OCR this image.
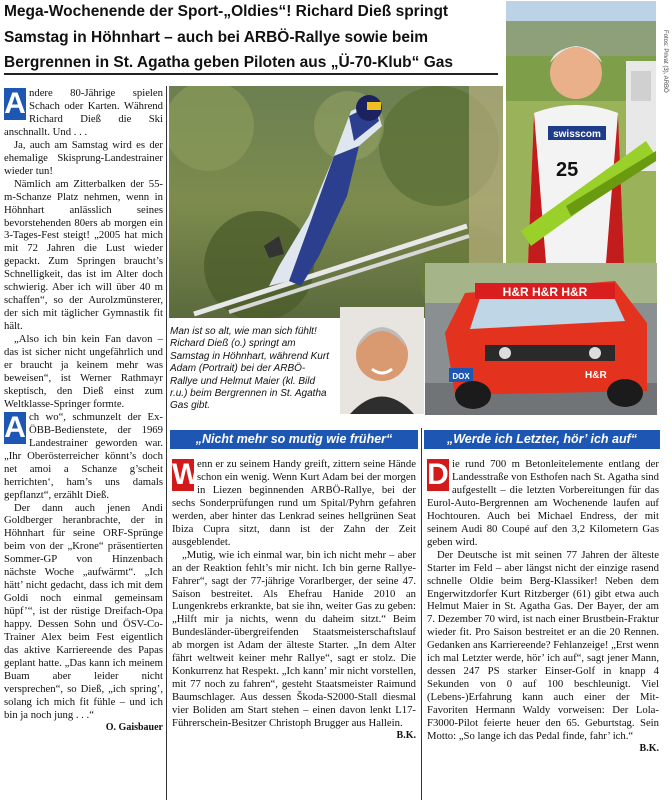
Mega-Wochenende der Sport-„Oldies“! Richard Dieß springt
Samstag in Höhnhart – auch bei ARBÖ-Rallye sowie beim
Bergrennen in St. Agatha geben Piloten aus „Ü-70-Klub“ Gas	Fotos: Privat (3), ARBÖ
swisscom
25
H&R H&R H&R
H&R
DOX
Man ist so alt, wie man sich fühlt! Richard Dieß (o.) springt am Samstag in Höhnhart, während Kurt Adam (Portrait) bei der ARBÖ-Rallye und Helmut Maier (kl. Bild r.u.) beim Bergrennen in St. Agatha Gas gibt.

A ndere 80-Jährige spielen Schach oder Karten. Während Richard Dieß die Ski anschnallt. Und . . .

Ja, auch am Samstag wird es der ehemalige Skisprung-Landestrainer wieder tun!

Nämlich am Zitterbalken der 55-m-Schanze Platz nehmen, wenn in Höhnhart anlässlich seines bevorstehenden 80ers ab morgen ein 3-Tages-Fest steigt! „2005 hat mich mit 72 Jahren die Lust wieder gepackt. Zum Springen braucht’s Schnelligkeit, das ist im Alter doch schwierig. Aber ich will über 40 m schaffen“, so der Aurolzmünsterer, der sich mit täglicher Gymnastik fit hält.

„Also ich bin kein Fan davon – das ist sicher nicht ungefährlich und er braucht ja keinem mehr was beweisen“, ist Werner Rathmayr skeptisch, den Dieß einst zum Weltklasse-Springer formte.

A ch wo“, schmunzelt der Ex-ÖBB-Bedienstete, der 1969 Landestrainer geworden war. „Ihr Oberösterreicher könnt’s doch net amoi a Schanze g’scheit herrichten‘, ham’s uns damals gepflanzt“, erzählt Dieß.

Der dann auch jenen Andi Goldberger heranbrachte, der in Höhnhart für seine ORF-Sprünge beim von der „Krone“ präsentierten Sommer-GP von Hinzenbach nächste Woche „aufwärmt“. „Ich hätt’ nicht gedacht, dass ich mit dem Goldi noch einmal gemeinsam hüpf’“, ist der rüstige Dreifach-Opa happy. Dessen Sohn und ÖSV-Co-Trainer Alex beim Fest eigentlich das aktive Karriereende des Papas geplant hatte. „Das kann ich meinem Buam aber leider nicht versprechen“, so Dieß, „ich spring’, solang ich mich fit fühle – und ich bin ja noch jung . . .“

O. Gaisbauer
„Nicht mehr so mutig wie früher“

W
enn er zu seinem Handy greift, zittern seine Hände schon ein wenig. Wenn Kurt Adam bei der morgen in Liezen beginnenden ARBÖ-Rallye, bei der sechs Sonderprüfungen rund um Spital/Pyhrn gefahren werden, aber hinter das Lenkrad seines hellgrünen Seat Ibiza Cupra sitzt, dann ist der Zahn der Zeit ausgeblendet.

„Mutig, wie ich einmal war, bin ich nicht mehr – aber an der Reaktion fehlt’s mir nicht. Ich bin gerne Rallye-Fahrer“, sagt der 77-jährige Vorarlberger, der seine 47. Saison bestreitet. Als Ehefrau Hanide 2010 an Lungenkrebs erkrankte, bat sie ihn, weiter Gas zu geben: „Hilft mir ja nichts, wenn du daheim sitzt.“ Beim Bundesländer-übergreifenden Staatsmeisterschaftslauf ab morgen ist Adam der älteste Starter. „In dem Alter fährt weltweit keiner mehr Rallye“, sagt er stolz. Die Konkurrenz hat Respekt. „Ich kann’ mir nicht vorstellen, mit 77 noch zu fahren“, gesteht Staatsmeister Raimund Baumschlager. Aus dessen Škoda-S2000-Stall diesmal vier Boliden am Start stehen – einen davon lenkt L17-Führerschein-Besitzer Christoph Brugger aus Hallein.

B.K.
„Werde ich Letzter, hör’ ich auf“

D ie rund 700 m Betonleitelemente entlang der Landesstraße von Esthofen nach St. Agatha sind aufgestellt – die letzten Vorbereitungen für das Eurol-Auto-Bergrennen am Wochenende laufen auf Hochtouren. Auch bei Michael Endress, der mit seinem Audi 80 Coupé auf den 3,2 Kilometern Gas geben wird.

Der Deutsche ist mit seinen 77 Jahren der älteste Starter im Feld – aber längst nicht der einzige rasend schnelle Oldie beim Berg-Klassiker! Neben dem Engerwitzdorfer Kurt Ritzberger (61) gibt etwa auch Helmut Maier in St. Agatha Gas. Der Bayer, der am 7. Dezember 70 wird, ist nach einer Brustbein-Fraktur wieder fit. Pro Saison bestreitet er an die 20 Rennen. Gedanken ans Karriereende? Fehlanzeige! „Erst wenn ich mal Letzter werde, hör’ ich auf“, sagt jener Mann, dessen 247 PS starker Einser-Golf in knapp 4 Sekunden von 0 auf 100 beschleunigt. Viel (Lebens-)Erfahrung kann auch einer der Mit-Favoriten Hermann Waldy vorweisen: Der Lola-F3000-Pilot feierte heuer den 65. Geburtstag. Sein Motto: „So lange ich das Pedal finde, fahr’ ich.“

B.K.
